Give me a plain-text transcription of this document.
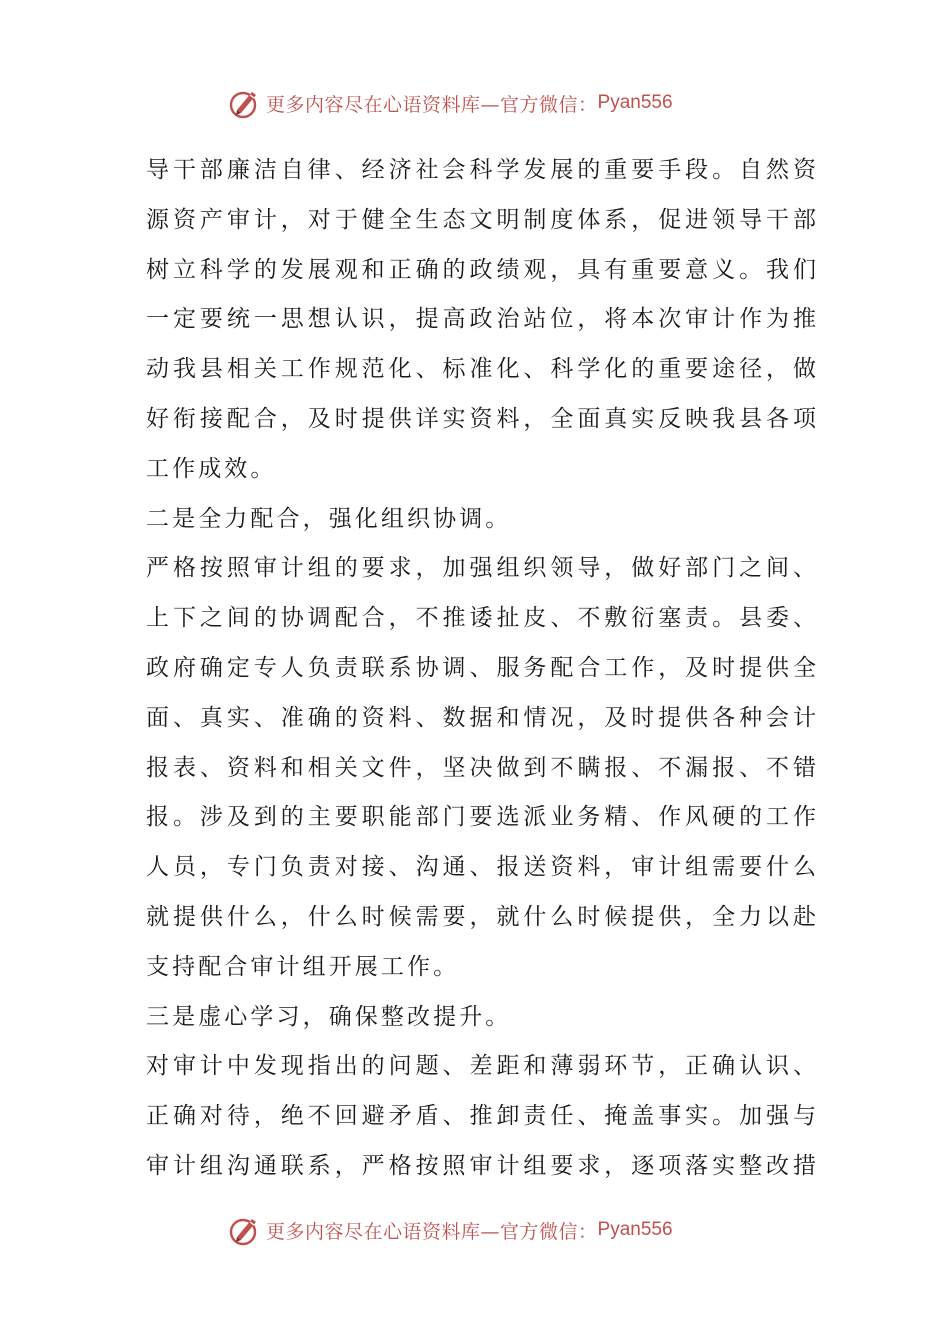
更多内容尽在心语资料库—官方微信： Pyan556
导干部廉洁自律、经济社会科学发展的重要手段。自然资
源资产审计，对于健全生态文明制度体系，促进领导干部
树立科学的发展观和正确的政绩观，具有重要意义。我们
一定要统一思想认识，提高政治站位，将本次审计作为推
动我县相关工作规范化、标准化、科学化的重要途径，做
好衔接配合，及时提供详实资料，全面真实反映我县各项
工作成效。
二是全力配合，强化组织协调。
严格按照审计组的要求，加强组织领导，做好部门之间、
上下之间的协调配合，不推诿扯皮、不敷衍塞责。县委、
政府确定专人负责联系协调、服务配合工作，及时提供全
面、真实、准确的资料、数据和情况，及时提供各种会计
报表、资料和相关文件，坚决做到不瞒报、不漏报、不错
报。涉及到的主要职能部门要选派业务精、作风硬的工作
人员，专门负责对接、沟通、报送资料，审计组需要什么
就提供什么，什么时候需要，就什么时候提供，全力以赴
支持配合审计组开展工作。
三是虚心学习，确保整改提升。
对审计中发现指出的问题、差距和薄弱环节，正确认识、
正确对待，绝不回避矛盾、推卸责任、掩盖事实。加强与
审计组沟通联系，严格按照审计组要求，逐项落实整改措
更多内容尽在心语资料库—官方微信： Pyan556
